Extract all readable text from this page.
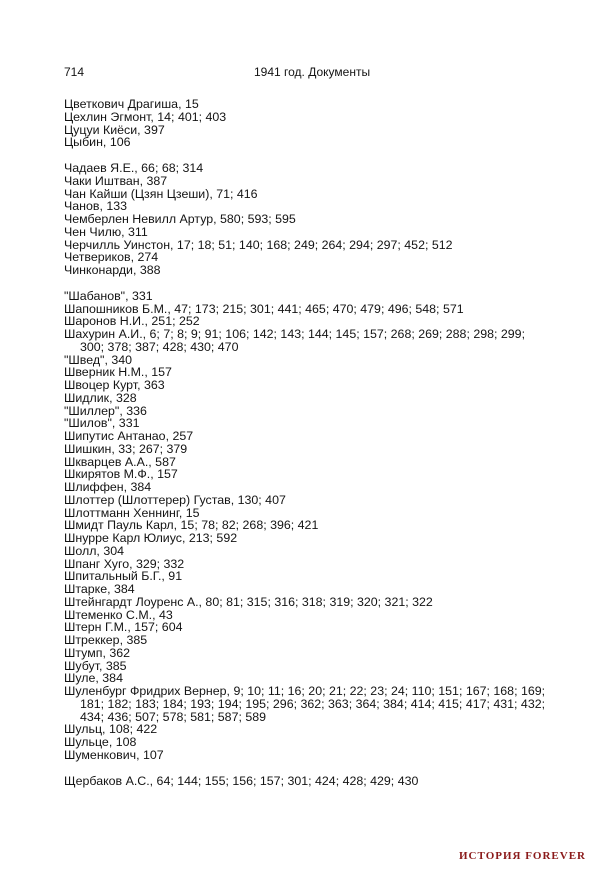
714	1941 год. Документы
Цветкович Драгиша, 15
Цехлин Эгмонт, 14; 401; 403
Цуцуи Киёси, 397
Цыбин, 106
Чадаев Я.Е., 66; 68; 314
Чаки Иштван, 387
Чан Кайши (Цзян Цзеши), 71; 416
Чанов, 133
Чемберлен Невилл Артур, 580; 593; 595
Чен Чилю, 311
Черчилль Уинстон, 17; 18; 51; 140; 168; 249; 264; 294; 297; 452; 512
Четвериков, 274
Чинконарди, 388
"Шабанов", 331
Шапошников Б.М., 47; 173; 215; 301; 441; 465; 470; 479; 496; 548; 571
Шаронов Н.И., 251; 252
Шахурин А.И., 6; 7; 8; 9; 91; 106; 142; 143; 144; 145; 157; 268; 269; 288; 298; 299; 300; 378; 387; 428; 430; 470
"Швед", 340
Шверник Н.М., 157
Швоцер Курт, 363
Шидлик, 328
"Шиллер", 336
"Шилов", 331
Шипутис Антанао, 257
Шишкин, 33; 267; 379
Шкварцев А.А., 587
Шкирятов М.Ф., 157
Шлиффен, 384
Шлоттер (Шлоттерер) Густав, 130; 407
Шлоттманн Хеннинг, 15
Шмидт Пауль Карл, 15; 78; 82; 268; 396; 421
Шнурре Карл Юлиус, 213; 592
Шолл, 304
Шпанг Хуго, 329; 332
Шпитальный Б.Г., 91
Штарке, 384
Штейнгардт Лоуренс А., 80; 81; 315; 316; 318; 319; 320; 321; 322
Штеменко С.М., 43
Штерн Г.М., 157; 604
Штреккер, 385
Штумп, 362
Шубут, 385
Шуле, 384
Шуленбург Фридрих Вернер, 9; 10; 11; 16; 20; 21; 22; 23; 24; 110; 151; 167; 168; 169; 181; 182; 183; 184; 193; 194; 195; 296; 362; 363; 364; 384; 414; 415; 417; 431; 432; 434; 436; 507; 578; 581; 587; 589
Шульц, 108; 422
Шульце, 108
Шуменкович, 107
Щербаков А.С., 64; 144; 155; 156; 157; 301; 424; 428; 429; 430
ИСТОРИЯ FOREVER
